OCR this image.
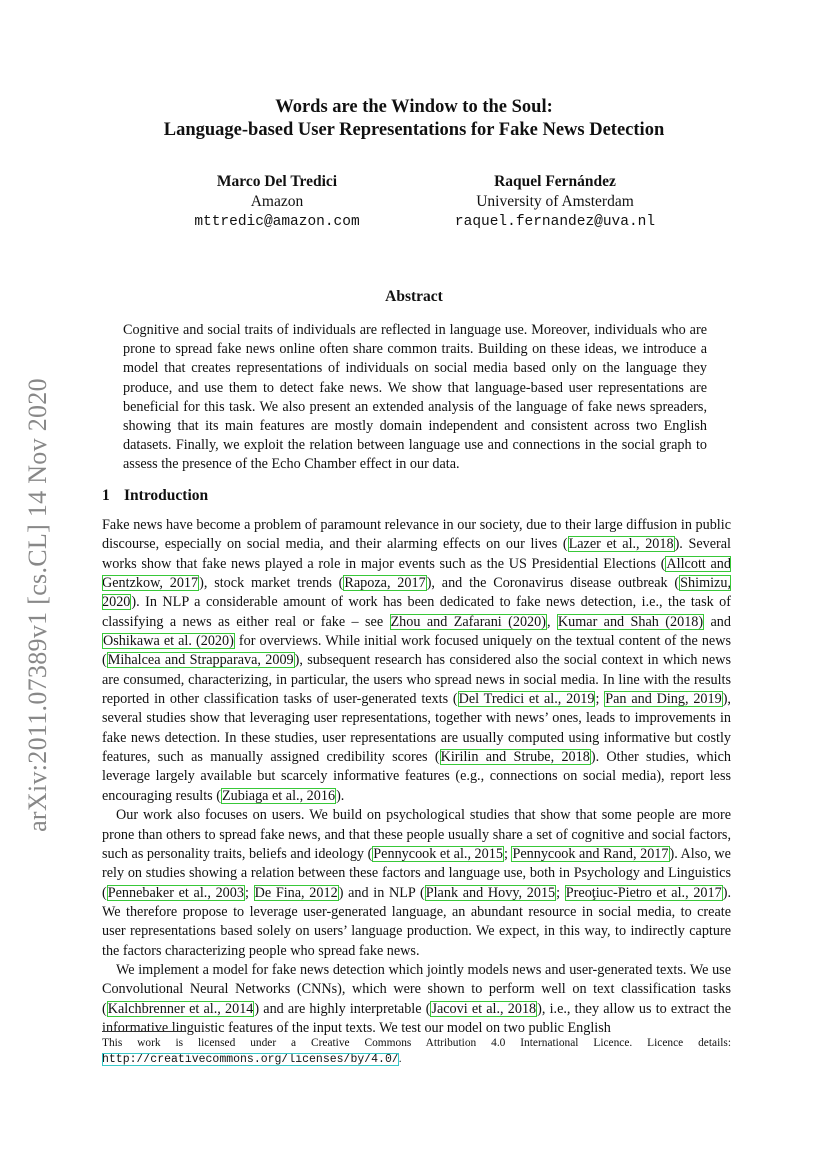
arXiv:2011.07389v1 [cs.CL] 14 Nov 2020
Words are the Window to the Soul:
Language-based User Representations for Fake News Detection
Marco Del Tredici
Amazon
mttredic@amazon.com
Raquel Fernández
University of Amsterdam
raquel.fernandez@uva.nl
Abstract
Cognitive and social traits of individuals are reflected in language use. Moreover, individuals who are prone to spread fake news online often share common traits. Building on these ideas, we introduce a model that creates representations of individuals on social media based only on the language they produce, and use them to detect fake news. We show that language-based user representations are beneficial for this task. We also present an extended analysis of the language of fake news spreaders, showing that its main features are mostly domain independent and consistent across two English datasets. Finally, we exploit the relation between language use and connections in the social graph to assess the presence of the Echo Chamber effect in our data.
1 Introduction

Fake news have become a problem of paramount relevance in our society, due to their large diffusion in public discourse, especially on social media, and their alarming effects on our lives (Lazer et al., 2018). Several works show that fake news played a role in major events such as the US Presidential Elections (Allcott and Gentzkow, 2017), stock market trends (Rapoza, 2017), and the Coronavirus disease outbreak (Shimizu, 2020). In NLP a considerable amount of work has been dedicated to fake news detection, i.e., the task of classifying a news as either real or fake – see Zhou and Zafarani (2020), Kumar and Shah (2018) and Oshikawa et al. (2020) for overviews. While initial work focused uniquely on the textual content of the news (Mihalcea and Strapparava, 2009), subsequent research has considered also the social context in which news are consumed, characterizing, in particular, the users who spread news in social media. In line with the results reported in other classification tasks of user-generated texts (Del Tredici et al., 2019; Pan and Ding, 2019), several studies show that leveraging user representations, together with news’ ones, leads to improvements in fake news detection. In these studies, user representations are usually computed using informative but costly features, such as manually assigned credibility scores (Kirilin and Strube, 2018). Other studies, which leverage largely available but scarcely informative features (e.g., connections on social media), report less encouraging results (Zubiaga et al., 2016).

Our work also focuses on users. We build on psychological studies that show that some people are more prone than others to spread fake news, and that these people usually share a set of cognitive and social factors, such as personality traits, beliefs and ideology (Pennycook et al., 2015; Pennycook and Rand, 2017). Also, we rely on studies showing a relation between these factors and language use, both in Psychology and Linguistics (Pennebaker et al., 2003; De Fina, 2012) and in NLP (Plank and Hovy, 2015; Preoţiuc-Pietro et al., 2017). We therefore propose to leverage user-generated language, an abundant resource in social media, to create user representations based solely on users’ language production. We expect, in this way, to indirectly capture the factors characterizing people who spread fake news.

We implement a model for fake news detection which jointly models news and user-generated texts. We use Convolutional Neural Networks (CNNs), which were shown to perform well on text classification tasks (Kalchbrenner et al., 2014) and are highly interpretable (Jacovi et al., 2018), i.e., they allow us to extract the informative linguistic features of the input texts. We test our model on two public English

This work is licensed under a Creative Commons Attribution 4.0 International Licence. Licence details: http://creativecommons.org/licenses/by/4.0/.
